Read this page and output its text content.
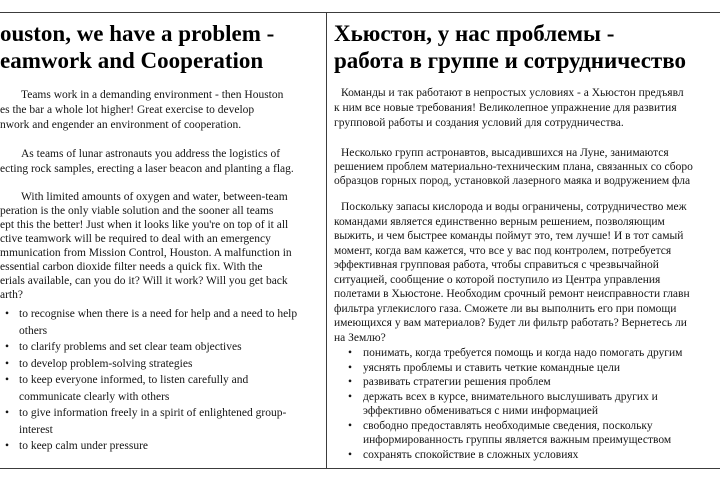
ouston, we have a problem -
eamwork and Cooperation
Teams work in a demanding environment - then Houston
es the bar a whole lot higher! Great exercise to develop
nwork and engender an environment of cooperation.
As teams of lunar astronauts you address the logistics of
ecting rock samples, erecting a laser beacon and planting a flag.
With limited amounts of oxygen and water, between-team
peration is the only viable solution and the sooner all teams
ept this the better! Just when it looks like you're on top of it all
ctive teamwork will be required to deal with an emergency
mmunication from Mission Control, Houston. A malfunction in
essential carbon dioxide filter needs a quick fix. With the
erials available, can you do it? Will it work? Will you get back
arth?
• to recognise when there is a need for help and a need to help
others
• to clarify problems and set clear team objectives
• to develop problem-solving strategies
• to keep everyone informed, to listen carefully and
communicate clearly with others
• to give information freely in a spirit of enlightened group-
interest
• to keep calm under pressure
Хьюстон, у нас проблемы -
работа в группе и сотрудничество
Команды и так работают в непростых условиях - а Хьюстон предъявл
к ним все новые требования! Великолепное упражнение для развития
групповой работы и создания условий для сотрудничества.
Несколько групп астронавтов, высадившихся на Луне, занимаются
решением проблем материально-техническим плана, связанных со сборо
образцов горных пород, установкой лазерного маяка и водружением фла
Поскольку запасы кислорода и воды ограничены, сотрудничество меж
командами является единственно верным решением, позволяющим
выжить, и чем быстрее команды поймут это, тем лучше! И в тот самый
момент, когда вам кажется, что все у вас под контролем, потребуется
эффективная групповая работа, чтобы справиться с чрезвычайной
ситуацией, сообщение о которой поступило из Центра управления
полетами в Хьюстоне. Необходим срочный ремонт неисправности главн
фильтра углекислого газа. Сможете ли вы выполнить его при помощи
имеющихся у вам материалов? Будет ли фильтр работать? Вернетесь ли
на Землю?
• понимать, когда требуется помощь и когда надо помогать другим
• уяснять проблемы и ставить четкие командные цели
• развивать стратегии решения проблем
• держать всех в курсе, внимательного выслушивать других и
эффективно обмениваться с ними информацией
• свободно предоставлять необходимые сведения, поскольку
информированность группы является важным преимуществом
• сохранять спокойствие в сложных условиях
